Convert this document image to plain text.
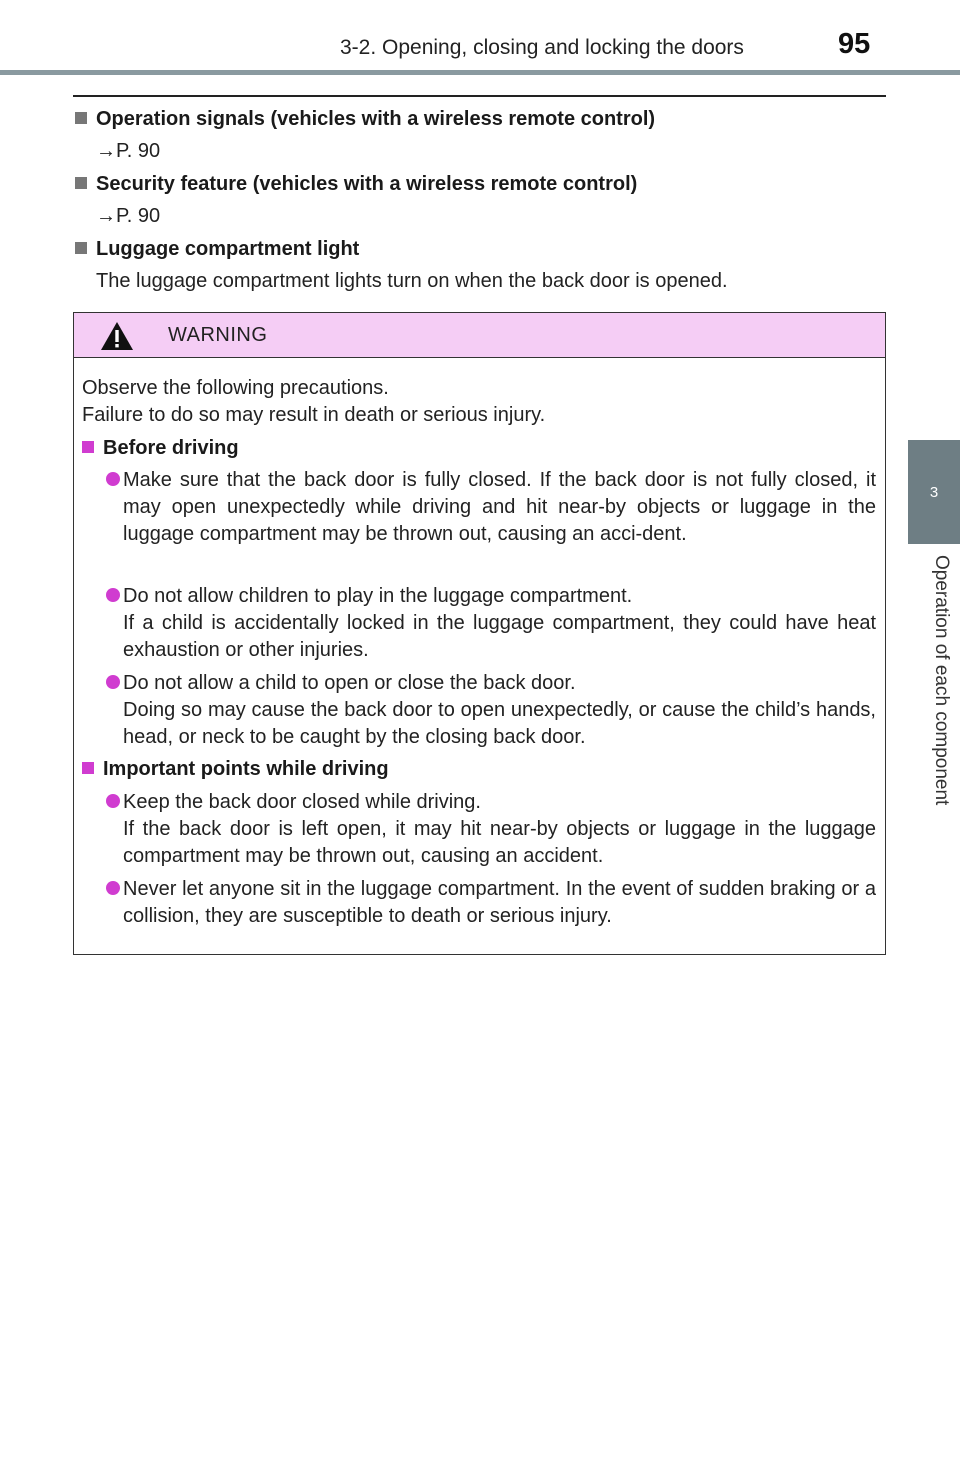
3-2. Opening, closing and locking the doors	95
3
Operation of each component
Operation signals (vehicles with a wireless remote control)
→P. 90
Security feature (vehicles with a wireless remote control)
→P. 90
Luggage compartment light
The luggage compartment lights turn on when the back door is opened.
WARNING
Observe the following precautions.
Failure to do so may result in death or serious injury.
Before driving

Make sure that the back door is fully closed. If the back door is not fully closed, it may open unexpectedly while driving and hit near-by objects or luggage in the luggage compartment may be thrown out, causing an acci-dent.

Do not allow children to play in the luggage compartment.

If a child is accidentally locked in the luggage compartment, they could have heat exhaustion or other injuries.

Do not allow a child to open or close the back door.

Doing so may cause the back door to open unexpectedly, or cause the child’s hands, head, or neck to be caught by the closing back door.

Important points while driving

Keep the back door closed while driving.

If the back door is left open, it may hit near-by objects or luggage in the luggage compartment may be thrown out, causing an accident.

Never let anyone sit in the luggage compartment. In the event of sudden braking or a collision, they are susceptible to death or serious injury.
